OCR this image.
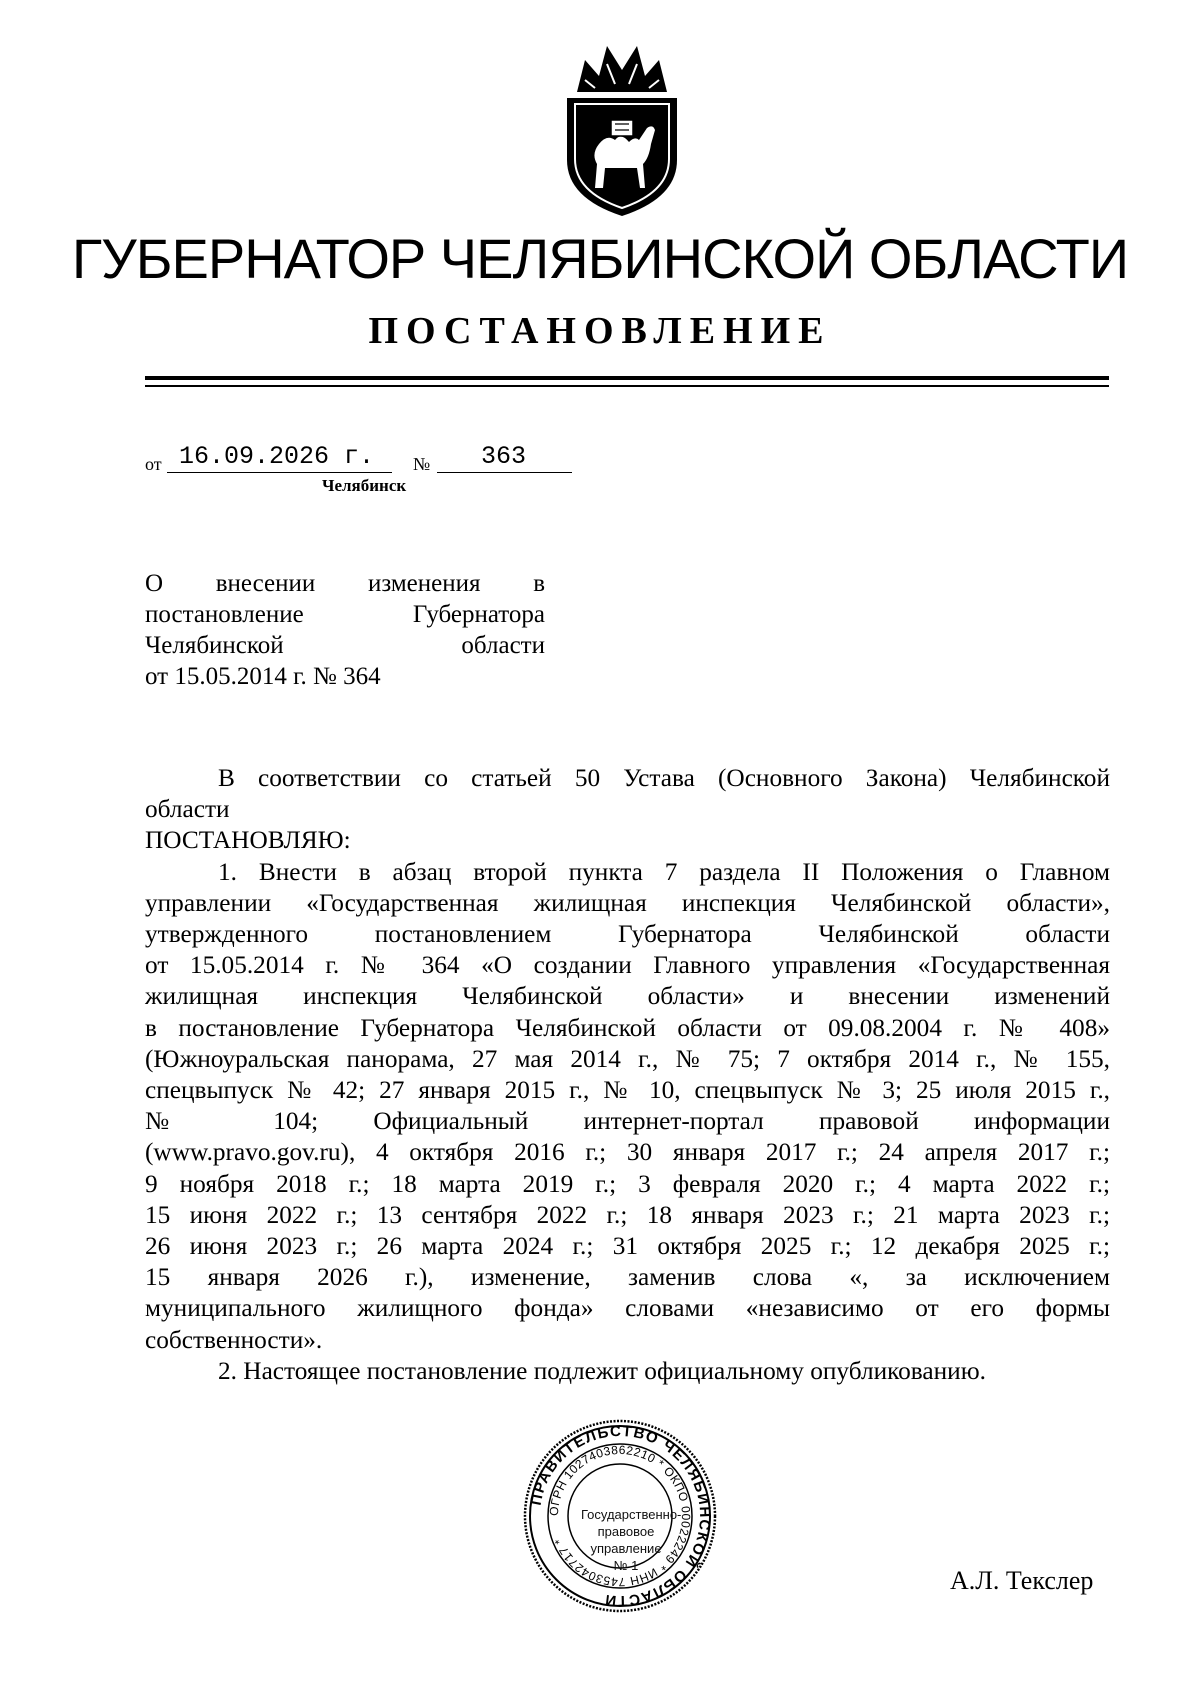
ГУБЕРНАТОР ЧЕЛЯБИНСКОЙ ОБЛАСТИ
ПОСТАНОВЛЕНИЕ
от 16.09.2026 г. № 363
Челябинск
О внесении изменения в
постановление	Губернатора
Челябинской	области
от 15.05.2014 г. № 364

В соответствии со статьей 50 Устава (Основного Закона) Челябинской

области

ПОСТАНОВЛЯЮ:

1. Внести в абзац второй пункта 7 раздела II Положения о Главном

управлении «Государственная жилищная инспекция Челябинской области»,

утвержденного постановлением Губернатора Челябинской области

от 15.05.2014 г. № 364 «О создании Главного управления «Государственная

жилищная инспекция Челябинской области» и внесении изменений

в постановление Губернатора Челябинской области от 09.08.2004 г. № 408»

(Южноуральская панорама, 27 мая 2014 г., № 75; 7 октября 2014 г., № 155,

спецвыпуск № 42; 27 января 2015 г., № 10, спецвыпуск № 3; 25 июля 2015 г.,

№ 104; Официальный интернет-портал правовой информации

(www.pravo.gov.ru), 4 октября 2016 г.; 30 января 2017 г.; 24 апреля 2017 г.;

9 ноября 2018 г.; 18 марта 2019 г.; 3 февраля 2020 г.; 4 марта 2022 г.;

15 июня 2022 г.; 13 сентября 2022 г.; 18 января 2023 г.; 21 марта 2023 г.;

26 июня 2023 г.; 26 марта 2024 г.; 31 октября 2025 г.; 12 декабря 2025 г.;

15 января 2026 г.), изменение, заменив слова «, за исключением

муниципального жилищного фонда» словами «независимо от его формы

собственности».

2. Настоящее постановление подлежит официальному опубликованию.

ПРАВИТЕЛЬСТВО ЧЕЛЯБИНСКОЙ ОБЛАСТИ
ОГРН 1027403862210 * ОКПО 00022249 * ИНН 7453042717 *
Государственно-
правовое
управление
№ 1
А.Л. Текслер
